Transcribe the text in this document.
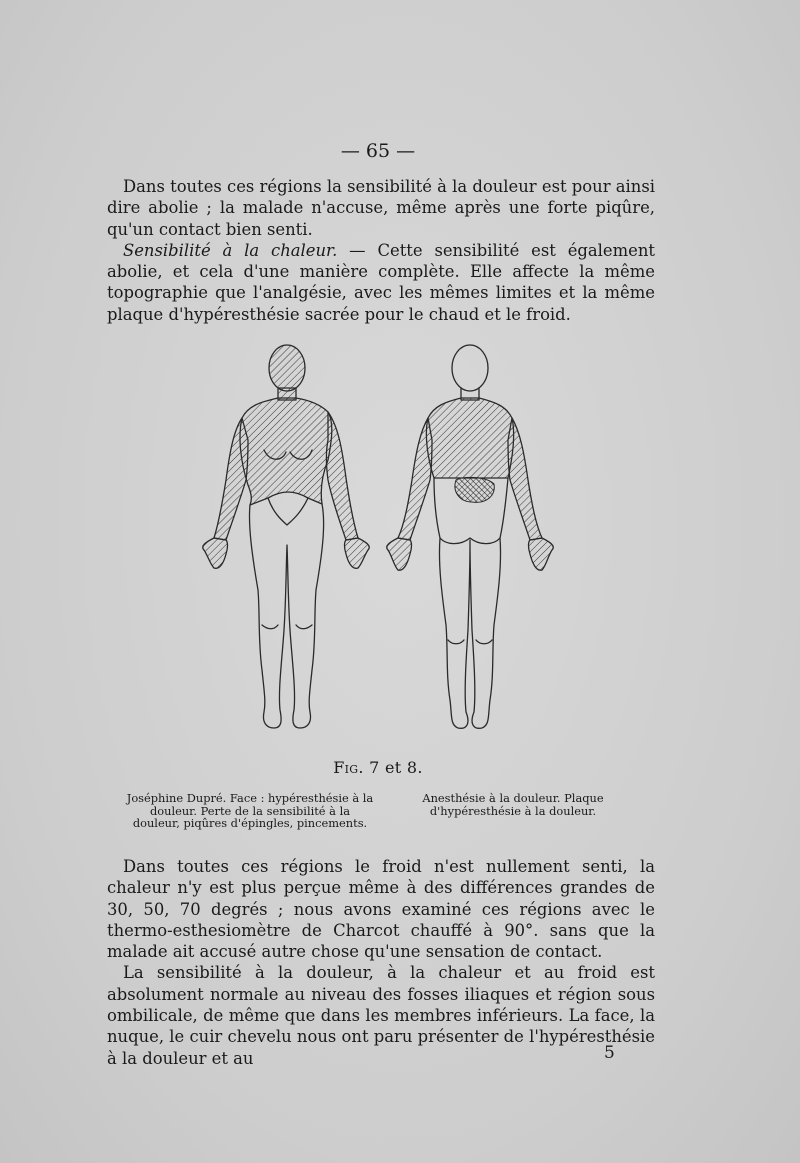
— 65 —

Dans toutes ces régions la sensibilité à la douleur est pour ainsi dire abolie ; la malade n'accuse, même après une forte piqûre, qu'un contact bien senti.

Sensibilité à la chaleur. — Cette sensibilité est également abolie, et cela d'une manière complète. Elle affecte la même topographie que l'analgésie, avec les mêmes limites et la même plaque d'hypéresthésie sacrée pour le chaud et le froid.

Fig. 7 et 8.
Joséphine Dupré. Face : hypéresthésie à la douleur. Perte de la sensibilité à la douleur, piqûres d'épingles, pincements.
Anesthésie à la douleur. Plaque d'hypéresthésie à la douleur.

Dans toutes ces régions le froid n'est nullement senti, la chaleur n'y est plus perçue même à des différences grandes de 30, 50, 70 degrés ; nous avons examiné ces régions avec le thermo-esthesiomètre de Charcot chauffé à 90°. sans que la malade ait accusé autre chose qu'une sensation de contact.

La sensibilité à la douleur, à la chaleur et au froid est absolument normale au niveau des fosses iliaques et région sous ombilicale, de même que dans les membres inférieurs. La face, la nuque, le cuir chevelu nous ont paru présenter de l'hypéresthésie à la douleur et au	5
